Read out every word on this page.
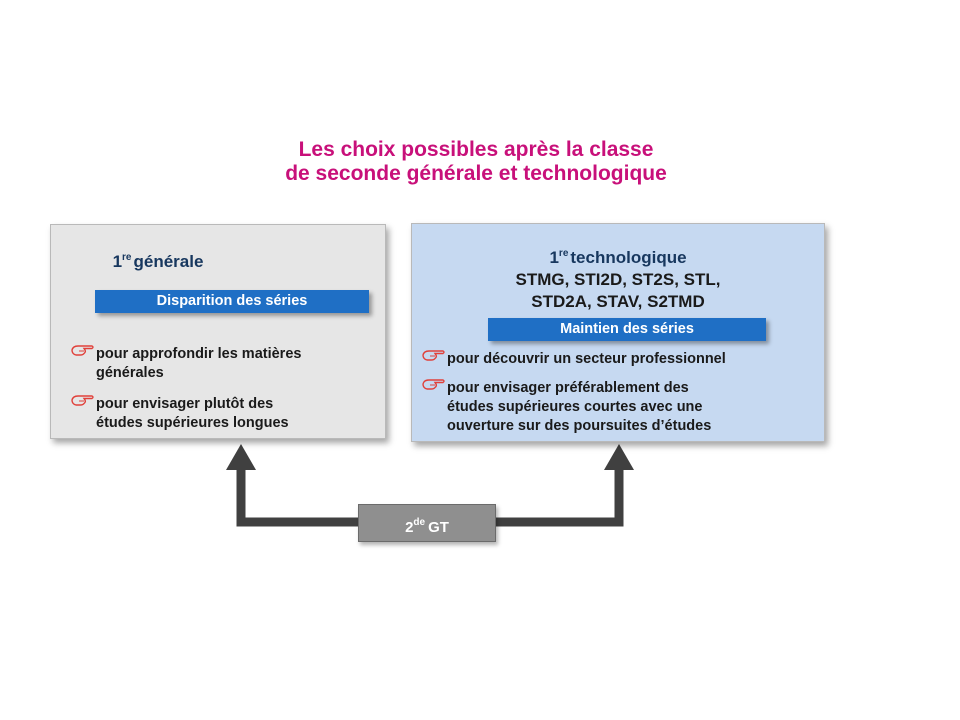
Les choix possibles après la classe
de seconde générale et technologique
1re générale
Disparition des séries
pour approfondir les matières
générales
pour envisager plutôt des
études supérieures longues
1re technologique
STMG, STI2D, ST2S, STL,
STD2A, STAV, S2TMD
Maintien des séries
pour découvrir un secteur professionnel
pour envisager préférablement des
études supérieures courtes avec une
ouverture sur des poursuites d’études
2de GT
